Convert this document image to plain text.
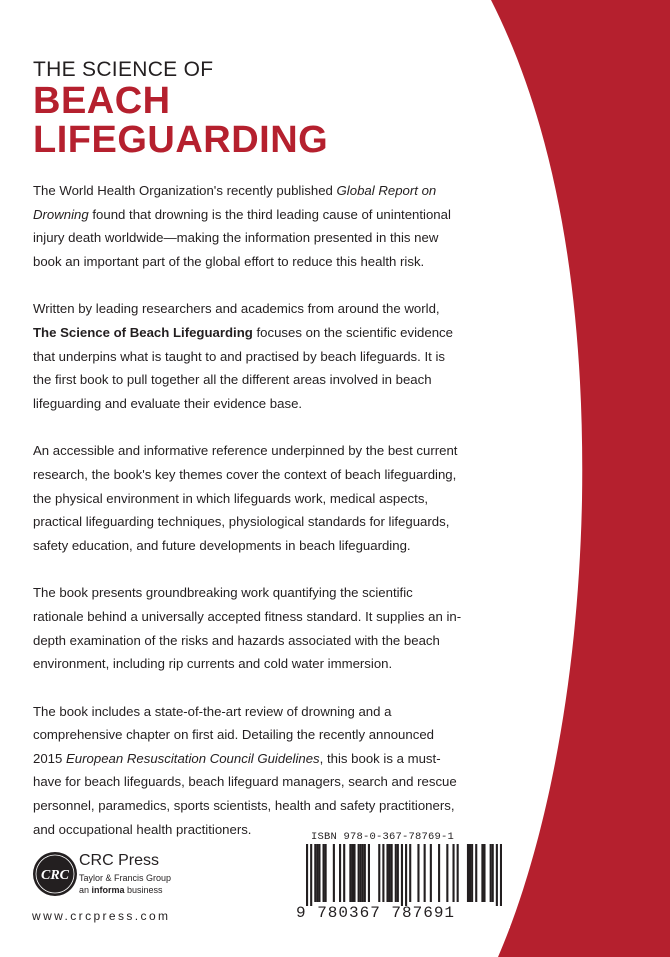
THE SCIENCE OF
BEACH
LIFEGUARDING

The World Health Organization's recently published Global Report on Drowning found that drowning is the third leading cause of unintentional injury death worldwide—making the information presented in this new book an important part of the global effort to reduce this health risk.

Written by leading researchers and academics from around the world, The Science of Beach Lifeguarding focuses on the scientific evidence that underpins what is taught to and practised by beach lifeguards. It is the first book to pull together all the different areas involved in beach lifeguarding and evaluate their evidence base.

An accessible and informative reference underpinned by the best current research, the book's key themes cover the context of beach lifeguarding, the physical environment in which lifeguards work, medical aspects, practical lifeguarding techniques, physiological standards for lifeguards, safety education, and future developments in beach lifeguarding.

The book presents groundbreaking work quantifying the scientific rationale behind a universally accepted fitness standard. It supplies an in-depth examination of the risks and hazards associated with the beach environment, including rip currents and cold water immersion.

The book includes a state-of-the-art review of drowning and a comprehensive chapter on first aid. Detailing the recently announced 2015 European Resuscitation Council Guidelines, this book is a must-have for beach lifeguards, beach lifeguard managers, search and rescue personnel, paramedics, sports scientists, health and safety practitioners, and occupational health practitioners.

CRC
CRC Press
Taylor & Francis Group
an informa business
www.crcpress.com
ISBN 978-0-367-78769-1
9 780367 787691
